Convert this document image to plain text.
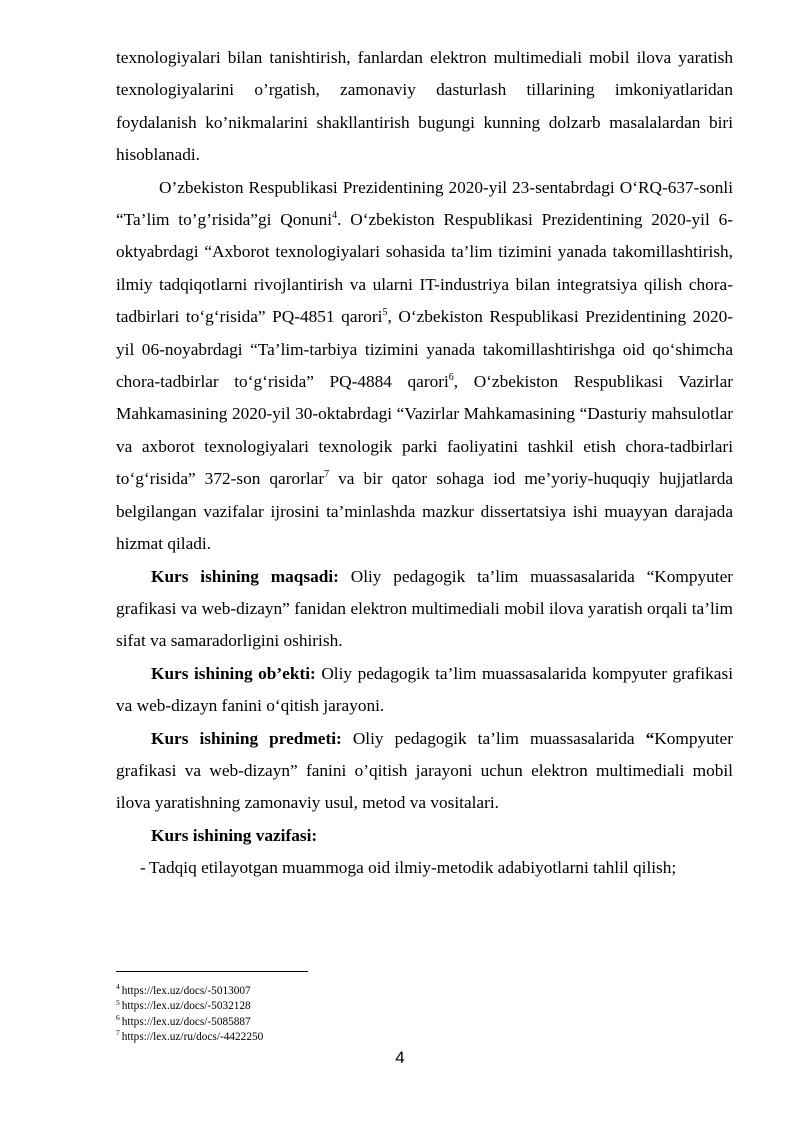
texnologiyalari bilan tanishtirish, fanlardan elektron multimediali mobil ilova yaratish texnologiyalarini o’rgatish, zamonaviy dasturlash tillarining imkoniyatlaridan foydalanish ko’nikmalarini shakllantirish bugungi kunning dolzarb masalalardan biri hisoblanadi.

O’zbekiston Respublikasi Prezidentining 2020-yil 23-sentabrdagi O‘RQ-637-sonli “Ta’lim to’g’risida”gi Qonuni$^4$. O‘zbekiston Respublikasi Prezidentining 2020-yil 6-oktyabrdagi “Axborot texnologiyalari sohasida ta’lim tizimini yanada takomillashtirish, ilmiy tadqiqotlarni rivojlantirish va ularni IT-industriya bilan integratsiya qilish chora-tadbirlari to‘g‘risida” PQ-4851 qarori$^5$, O‘zbekiston Respublikasi Prezidentining 2020-yil 06-noyabrdagi “Ta’lim-tarbiya tizimini yanada takomillashtirishga oid qo‘shimcha chora-tadbirlar to‘g‘risida” PQ-4884 qarori$^6$, O‘zbekiston Respublikasi Vazirlar Mahkamasining 2020-yil 30-oktabrdagi “Vazirlar Mahkamasining “Dasturiy mahsulotlar va axborot texnologiyalari texnologik parki faoliyatini tashkil etish chora-tadbirlari to‘g‘risida” 372-son qarorlar$^7$ va bir qator sohaga iod me’yoriy-huquqiy hujjatlarda belgilangan vazifalar ijrosini ta’minlashda mazkur dissertatsiya ishi muayyan darajada hizmat qiladi.

Kurs ishining maqsadi: Oliy pedagogik ta’lim muassasalarida “Kompyuter grafikasi va web-dizayn” fanidan elektron multimediali mobil ilova yaratish orqali ta’lim sifat va samaradorligini oshirish.

Kurs ishining ob’ekti: Oliy pedagogik ta’lim muassasalarida kompyuter grafikasi va web-dizayn fanini o‘qitish jarayoni.

Kurs ishining predmeti: Oliy pedagogik ta’lim muassasalarida “Kompyuter grafikasi va web-dizayn” fanini o’qitish jarayoni uchun elektron multimediali mobil ilova yaratishning zamonaviy usul, metod va vositalari.

Kurs ishining vazifasi:

- Tadqiq etilayotgan muammoga oid ilmiy-metodik adabiyotlarni tahlil qilish;

$^4$ https://lex.uz/docs/-5013007

$^5$ https://lex.uz/docs/-5032128

$^6$ https://lex.uz/docs/-5085887

$^7$ https://lex.uz/ru/docs/-4422250

4
